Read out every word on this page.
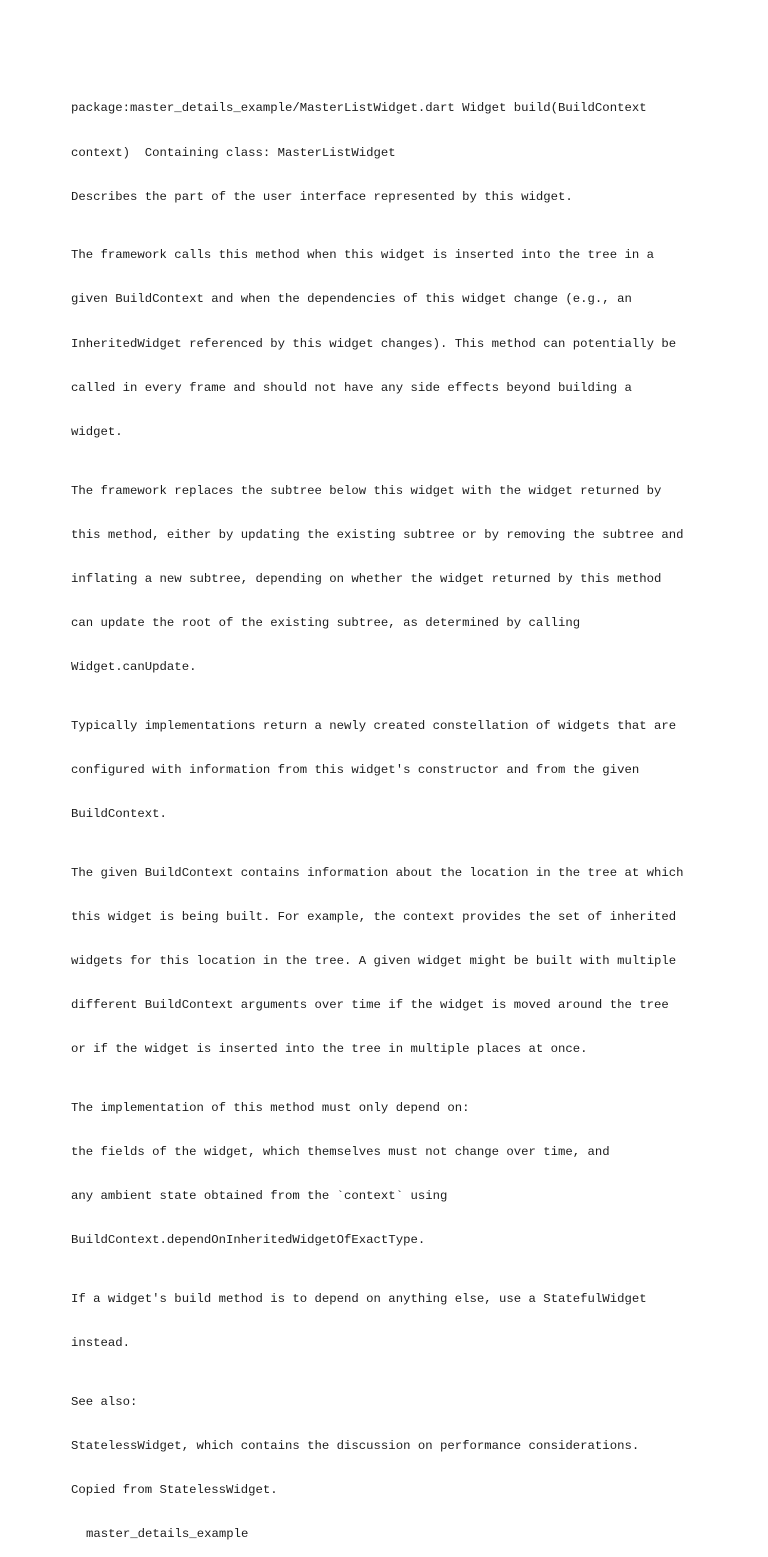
package:master_details_example/MasterListWidget.dart Widget build(BuildContext

context)  Containing class: MasterListWidget

Describes the part of the user interface represented by this widget.

The framework calls this method when this widget is inserted into the tree in a

given BuildContext and when the dependencies of this widget change (e.g., an

InheritedWidget referenced by this widget changes). This method can potentially be

called in every frame and should not have any side effects beyond building a

widget.

The framework replaces the subtree below this widget with the widget returned by

this method, either by updating the existing subtree or by removing the subtree and

inflating a new subtree, depending on whether the widget returned by this method

can update the root of the existing subtree, as determined by calling

Widget.canUpdate.

Typically implementations return a newly created constellation of widgets that are

configured with information from this widget's constructor and from the given

BuildContext.

The given BuildContext contains information about the location in the tree at which

this widget is being built. For example, the context provides the set of inherited

widgets for this location in the tree. A given widget might be built with multiple

different BuildContext arguments over time if the widget is moved around the tree

or if the widget is inserted into the tree in multiple places at once.

The implementation of this method must only depend on:

the fields of the widget, which themselves must not change over time, and

any ambient state obtained from the `context` using

BuildContext.dependOnInheritedWidgetOfExactType.

If a widget's build method is to depend on anything else, use a StatefulWidget

instead.

See also:

StatelessWidget, which contains the discussion on performance considerations.

Copied from StatelessWidget.

master_details_example
